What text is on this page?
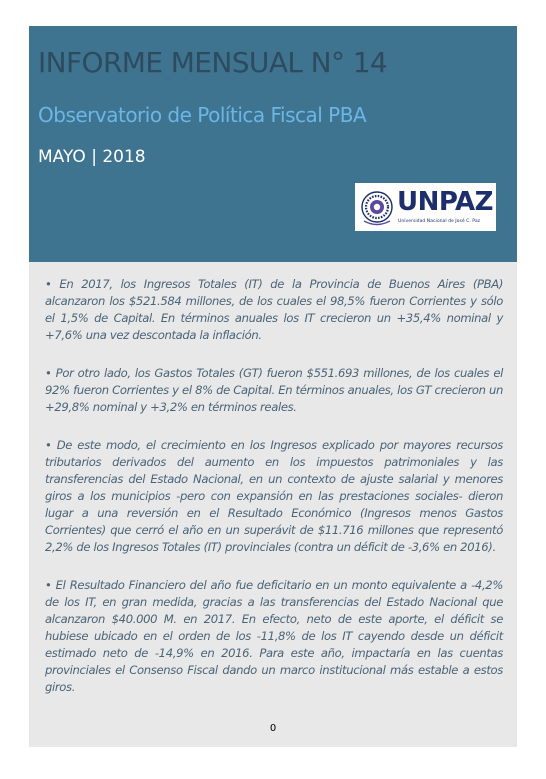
INFORME MENSUAL N° 14
Observatorio de Política Fiscal PBA
MAYO | 2018
UNPAZ
Universidad Nacional de José C. Paz

• En 2017, los Ingresos Totales (IT) de la Provincia de Buenos Aires (PBA) alcanzaron los $521.584 millones, de los cuales el 98,5% fueron Corrientes y sólo el 1,5% de Capital. En términos anuales los IT crecieron un +35,4% nominal y +7,6% una vez descontada la inflación.

• Por otro lado, los Gastos Totales (GT) fueron $551.693 millones, de los cuales el 92% fueron Corrientes y el 8% de Capital. En términos anuales, los GT crecieron un +29,8% nominal y +3,2% en términos reales.

• De este modo, el crecimiento en los Ingresos explicado por mayores recursos tributarios derivados del aumento en los impuestos patrimoniales y las transferencias del Estado Nacional, en un contexto de ajuste salarial y menores giros a los municipios -pero con expansión en las prestaciones sociales- dieron lugar a una reversión en el Resultado Económico (Ingresos menos Gastos Corrientes) que cerró el año en un superávit de $11.716 millones que representó 2,2% de los Ingresos Totales (IT) provinciales (contra un déficit de -3,6% en 2016).

• El Resultado Financiero del año fue deficitario en un monto equivalente a -4,2% de los IT, en gran medida, gracias a las transferencias del Estado Nacional que alcanzaron $40.000 M. en 2017. En efecto, neto de este aporte, el déficit se hubiese ubicado en el orden de los -11,8% de los IT cayendo desde un déficit estimado neto de -14,9% en 2016. Para este año, impactaría en las cuentas provinciales el Consenso Fiscal dando un marco institucional más estable a estos giros.

0
